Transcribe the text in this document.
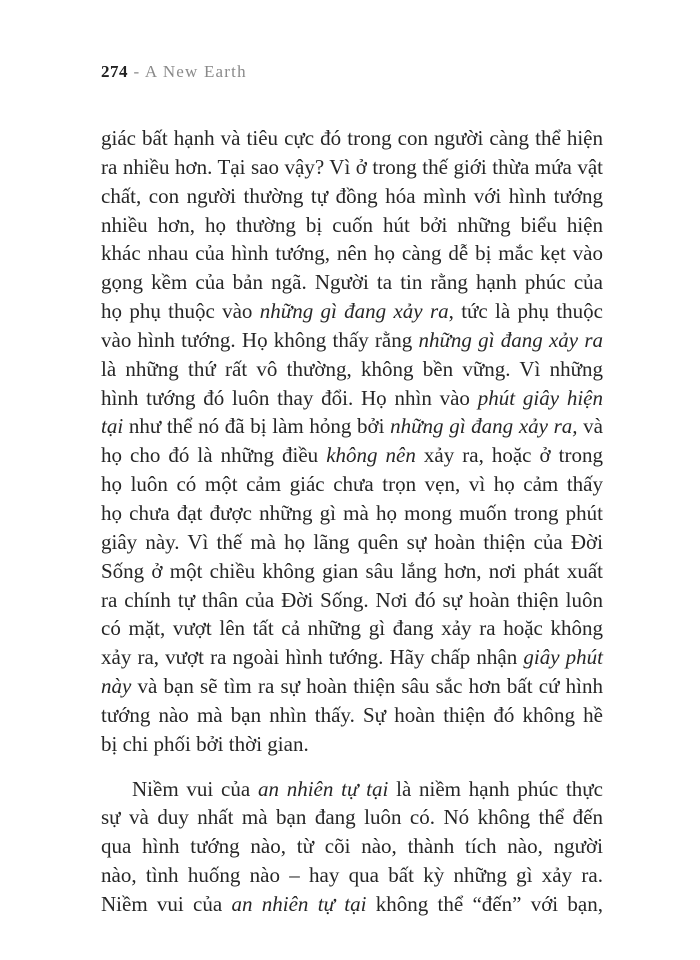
274 - A New Earth
giác bất hạnh và tiêu cực đó trong con người càng thể hiện
ra nhiều hơn. Tại sao vậy? Vì ở trong thế giới thừa mứa vật
chất, con người thường tự đồng hóa mình với hình tướng
nhiều hơn, họ thường bị cuốn hút bởi những biểu hiện
khác nhau của hình tướng, nên họ càng dễ bị mắc kẹt vào
gọng kềm của bản ngã. Người ta tin rằng hạnh phúc của
họ phụ thuộc vào những gì đang xảy ra, tức là phụ thuộc
vào hình tướng. Họ không thấy rằng những gì đang xảy ra
là những thứ rất vô thường, không bền vững. Vì những
hình tướng đó luôn thay đổi. Họ nhìn vào phút giây hiện
tại như thể nó đã bị làm hỏng bởi những gì đang xảy ra, và
họ cho đó là những điều không nên xảy ra, hoặc ở trong
họ luôn có một cảm giác chưa trọn vẹn, vì họ cảm thấy
họ chưa đạt được những gì mà họ mong muốn trong phút
giây này. Vì thế mà họ lãng quên sự hoàn thiện của Đời
Sống ở một chiều không gian sâu lắng hơn, nơi phát xuất
ra chính tự thân của Đời Sống. Nơi đó sự hoàn thiện luôn
có mặt, vượt lên tất cả những gì đang xảy ra hoặc không
xảy ra, vượt ra ngoài hình tướng. Hãy chấp nhận giây phút
này và bạn sẽ tìm ra sự hoàn thiện sâu sắc hơn bất cứ hình
tướng nào mà bạn nhìn thấy. Sự hoàn thiện đó không hề
bị chi phối bởi thời gian.
Niềm vui của an nhiên tự tại là niềm hạnh phúc thực
sự và duy nhất mà bạn đang luôn có. Nó không thể đến
qua hình tướng nào, từ cõi nào, thành tích nào, người
nào, tình huống nào – hay qua bất kỳ những gì xảy ra.
Niềm vui của an nhiên tự tại không thể “đến” với bạn,
